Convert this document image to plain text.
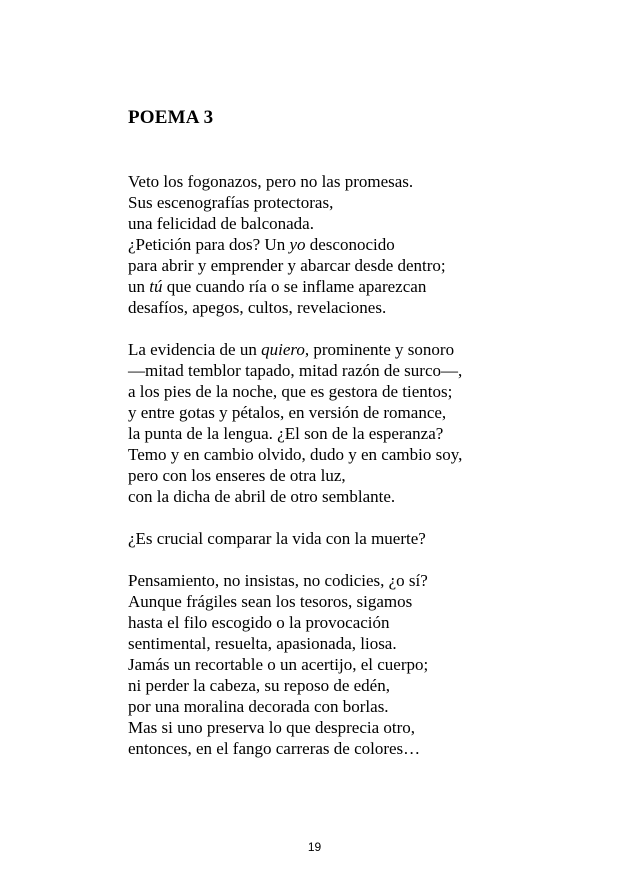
POEMA 3
Veto los fogonazos, pero no las promesas.
Sus escenografías protectoras,
una felicidad de balconada.
¿Petición para dos? Un yo desconocido
para abrir y emprender y abarcar desde dentro;
un tú que cuando ría o se inflame aparezcan
desafíos, apegos, cultos, revelaciones.
La evidencia de un quiero, prominente y sonoro
—mitad temblor tapado, mitad razón de surco—,
a los pies de la noche, que es gestora de tientos;
y entre gotas y pétalos, en versión de romance,
la punta de la lengua. ¿El son de la esperanza?
Temo y en cambio olvido, dudo y en cambio soy,
pero con los enseres de otra luz,
con la dicha de abril de otro semblante.
¿Es crucial comparar la vida con la muerte?
Pensamiento, no insistas, no codicies, ¿o sí?
Aunque frágiles sean los tesoros, sigamos
hasta el filo escogido o la provocación
sentimental, resuelta, apasionada, liosa.
Jamás un recortable o un acertijo, el cuerpo;
ni perder la cabeza, su reposo de edén,
por una moralina decorada con borlas.
Mas si uno preserva lo que desprecia otro,
entonces, en el fango carreras de colores…
19
